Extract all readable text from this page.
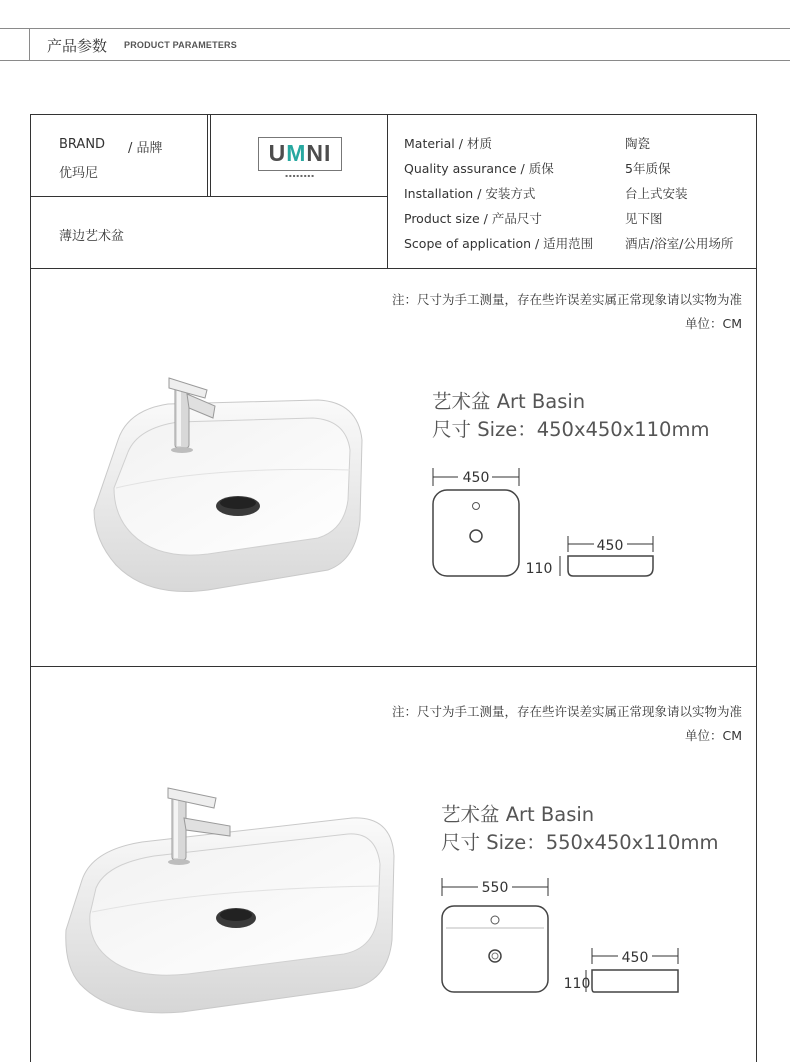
产品参数 PRODUCT PARAMETERS
BRAND / 品牌
优玛尼
UMNI
▪▪▪▪▪▪▪▪
薄边艺术盆
Material / 材质	陶瓷
Quality assurance / 质保	5年质保
Installation / 安装方式	台上式安装
Product size / 产品尺寸	见下图
Scope of application / 适用范围	酒店/浴室/公用场所
注：尺寸为手工测量，存在些许误差实属正常现象请以实物为准
单位：CM
艺术盆 Art Basin
尺寸 Size：450x450x110mm
450
450
110
注：尺寸为手工测量，存在些许误差实属正常现象请以实物为准
单位：CM
艺术盆 Art Basin
尺寸 Size：550x450x110mm
550
450
110
